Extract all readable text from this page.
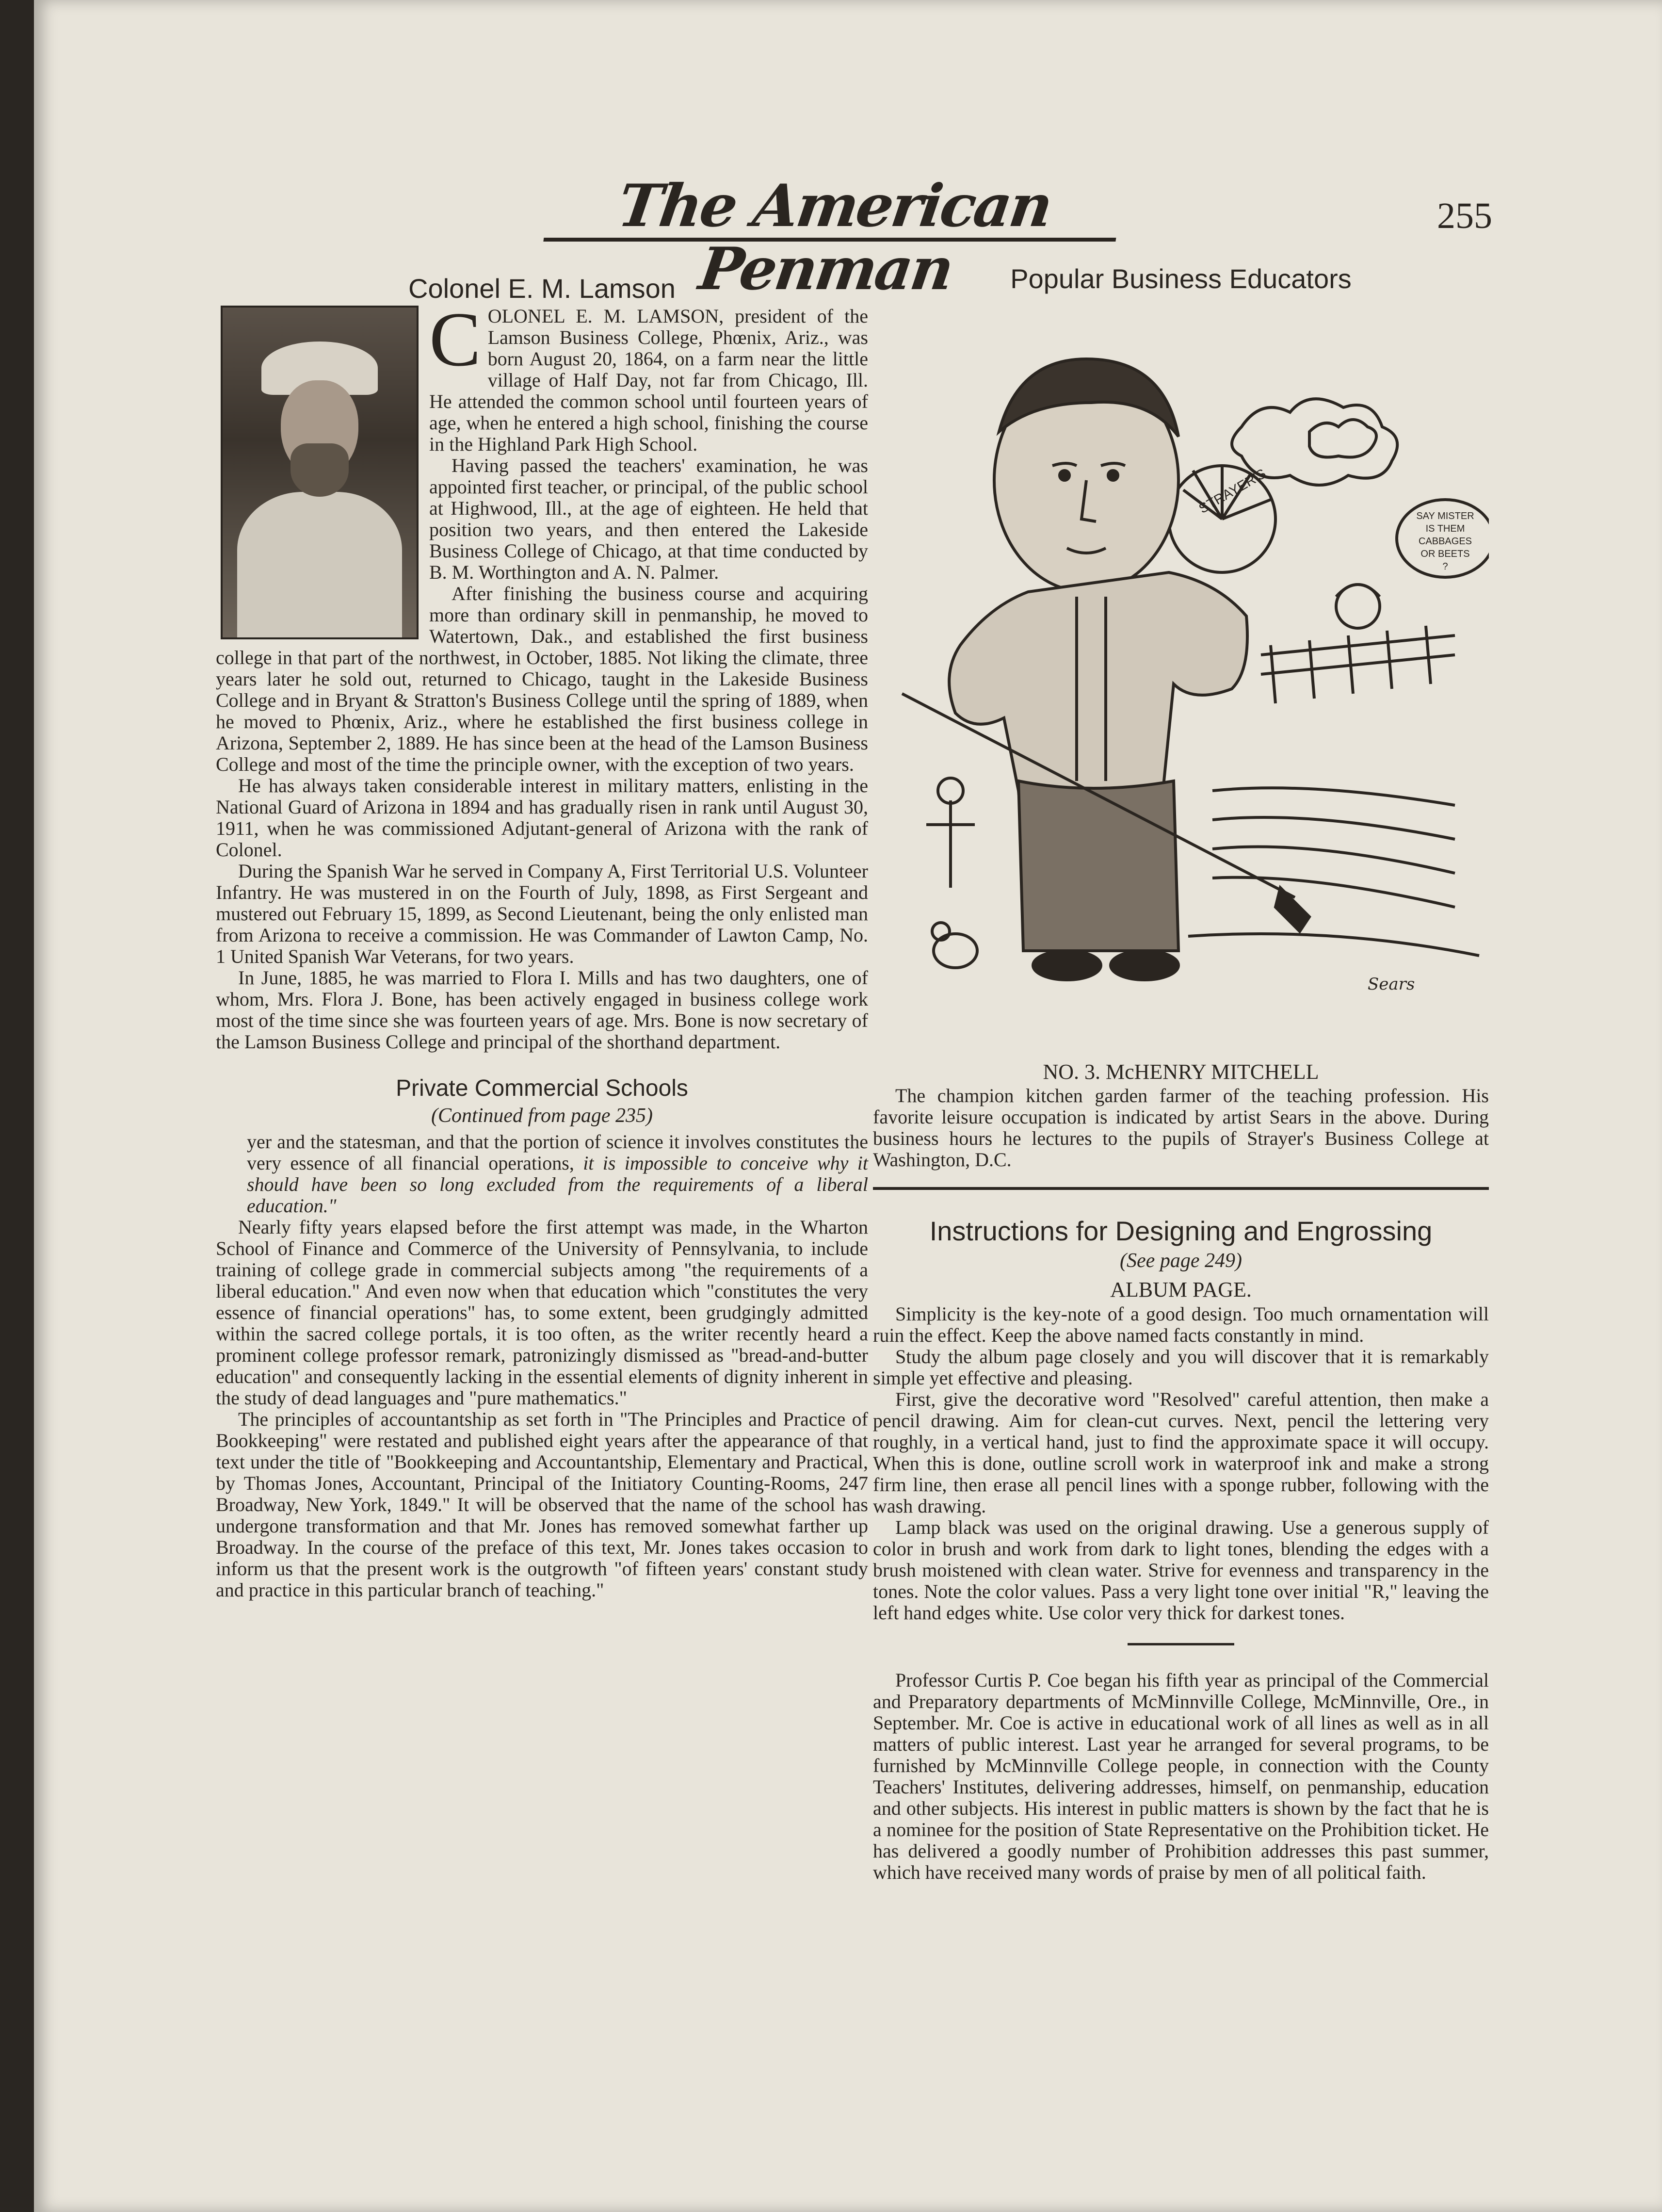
The American Penman
255
Colonel E. M. Lamson

COLONEL E. M. LAMSON, president of the Lamson Business College, Phœnix, Ariz., was born August 20, 1864, on a farm near the little village of Half Day, not far from Chicago, Ill. He attended the common school until fourteen years of age, when he entered a high school, finishing the course in the Highland Park High School.

Having passed the teachers' examination, he was appointed first teacher, or principal, of the public school at Highwood, Ill., at the age of eighteen. He held that position two years, and then entered the Lakeside Business College of Chicago, at that time conducted by B. M. Worthington and A. N. Palmer.

After finishing the business course and acquiring more than ordinary skill in penmanship, he moved to Watertown, Dak., and established the first business college in that part of the northwest, in October, 1885. Not liking the climate, three years later he sold out, returned to Chicago, taught in the Lakeside Business College and in Bryant & Stratton's Business College until the spring of 1889, when he moved to Phœnix, Ariz., where he established the first business college in Arizona, September 2, 1889. He has since been at the head of the Lamson Business College and most of the time the principle owner, with the exception of two years.

He has always taken considerable interest in military matters, enlisting in the National Guard of Arizona in 1894 and has gradually risen in rank until August 30, 1911, when he was commissioned Adjutant-general of Arizona with the rank of Colonel.

During the Spanish War he served in Company A, First Territorial U.S. Volunteer Infantry. He was mustered in on the Fourth of July, 1898, as First Sergeant and mustered out February 15, 1899, as Second Lieutenant, being the only enlisted man from Arizona to receive a commission. He was Commander of Lawton Camp, No. 1 United Spanish War Veterans, for two years.

In June, 1885, he was married to Flora I. Mills and has two daughters, one of whom, Mrs. Flora J. Bone, has been actively engaged in business college work most of the time since she was fourteen years of age. Mrs. Bone is now secretary of the Lamson Business College and principal of the shorthand department.

Private Commercial Schools
(Continued from page 235)

yer and the statesman, and that the portion of science it involves constitutes the very essence of all financial operations, it is impossible to conceive why it should have been so long excluded from the requirements of a liberal education."

Nearly fifty years elapsed before the first attempt was made, in the Wharton School of Finance and Commerce of the University of Pennsylvania, to include training of college grade in commercial subjects among "the requirements of a liberal education." And even now when that education which "constitutes the very essence of financial operations" has, to some extent, been grudgingly admitted within the sacred college portals, it is too often, as the writer recently heard a prominent college professor remark, patronizingly dismissed as "bread-and-butter education" and consequently lacking in the essential elements of dignity inherent in the study of dead languages and "pure mathematics."

The principles of accountantship as set forth in "The Principles and Practice of Bookkeeping" were restated and published eight years after the appearance of that text under the title of "Bookkeeping and Accountantship, Elementary and Practical, by Thomas Jones, Accountant, Principal of the Initiatory Counting-Rooms, 247 Broadway, New York, 1849." It will be observed that the name of the school has undergone transformation and that Mr. Jones has removed somewhat farther up Broadway. In the course of the preface of this text, Mr. Jones takes occasion to inform us that the present work is the outgrowth "of fifteen years' constant study and practice in this particular branch of teaching."

Popular Business Educators
STRAYER'S	SAY MISTER
IS THEM
CABBAGES
OR BEETS
?
Sears
NO. 3. McHENRY MITCHELL

The champion kitchen garden farmer of the teaching profession. His favorite leisure occupation is indicated by artist Sears in the above. During business hours he lectures to the pupils of Strayer's Business College at Washington, D.C.

Instructions for Designing and Engrossing
(See page 249)
ALBUM PAGE.

Simplicity is the key-note of a good design. Too much ornamentation will ruin the effect. Keep the above named facts constantly in mind.

Study the album page closely and you will discover that it is remarkably simple yet effective and pleasing.

First, give the decorative word "Resolved" careful attention, then make a pencil drawing. Aim for clean-cut curves. Next, pencil the lettering very roughly, in a vertical hand, just to find the approximate space it will occupy. When this is done, outline scroll work in waterproof ink and make a strong firm line, then erase all pencil lines with a sponge rubber, following with the wash drawing.

Lamp black was used on the original drawing. Use a generous supply of color in brush and work from dark to light tones, blending the edges with a brush moistened with clean water. Strive for evenness and transparency in the tones. Note the color values. Pass a very light tone over initial "R," leaving the left hand edges white. Use color very thick for darkest tones.

Professor Curtis P. Coe began his fifth year as principal of the Commercial and Preparatory departments of McMinnville College, McMinnville, Ore., in September. Mr. Coe is active in educational work of all lines as well as in all matters of public interest. Last year he arranged for several programs, to be furnished by McMinnville College people, in connection with the County Teachers' Institutes, delivering addresses, himself, on penmanship, education and other subjects. His interest in public matters is shown by the fact that he is a nominee for the position of State Representative on the Prohibition ticket. He has delivered a goodly number of Prohibition addresses this past summer, which have received many words of praise by men of all political faith.
